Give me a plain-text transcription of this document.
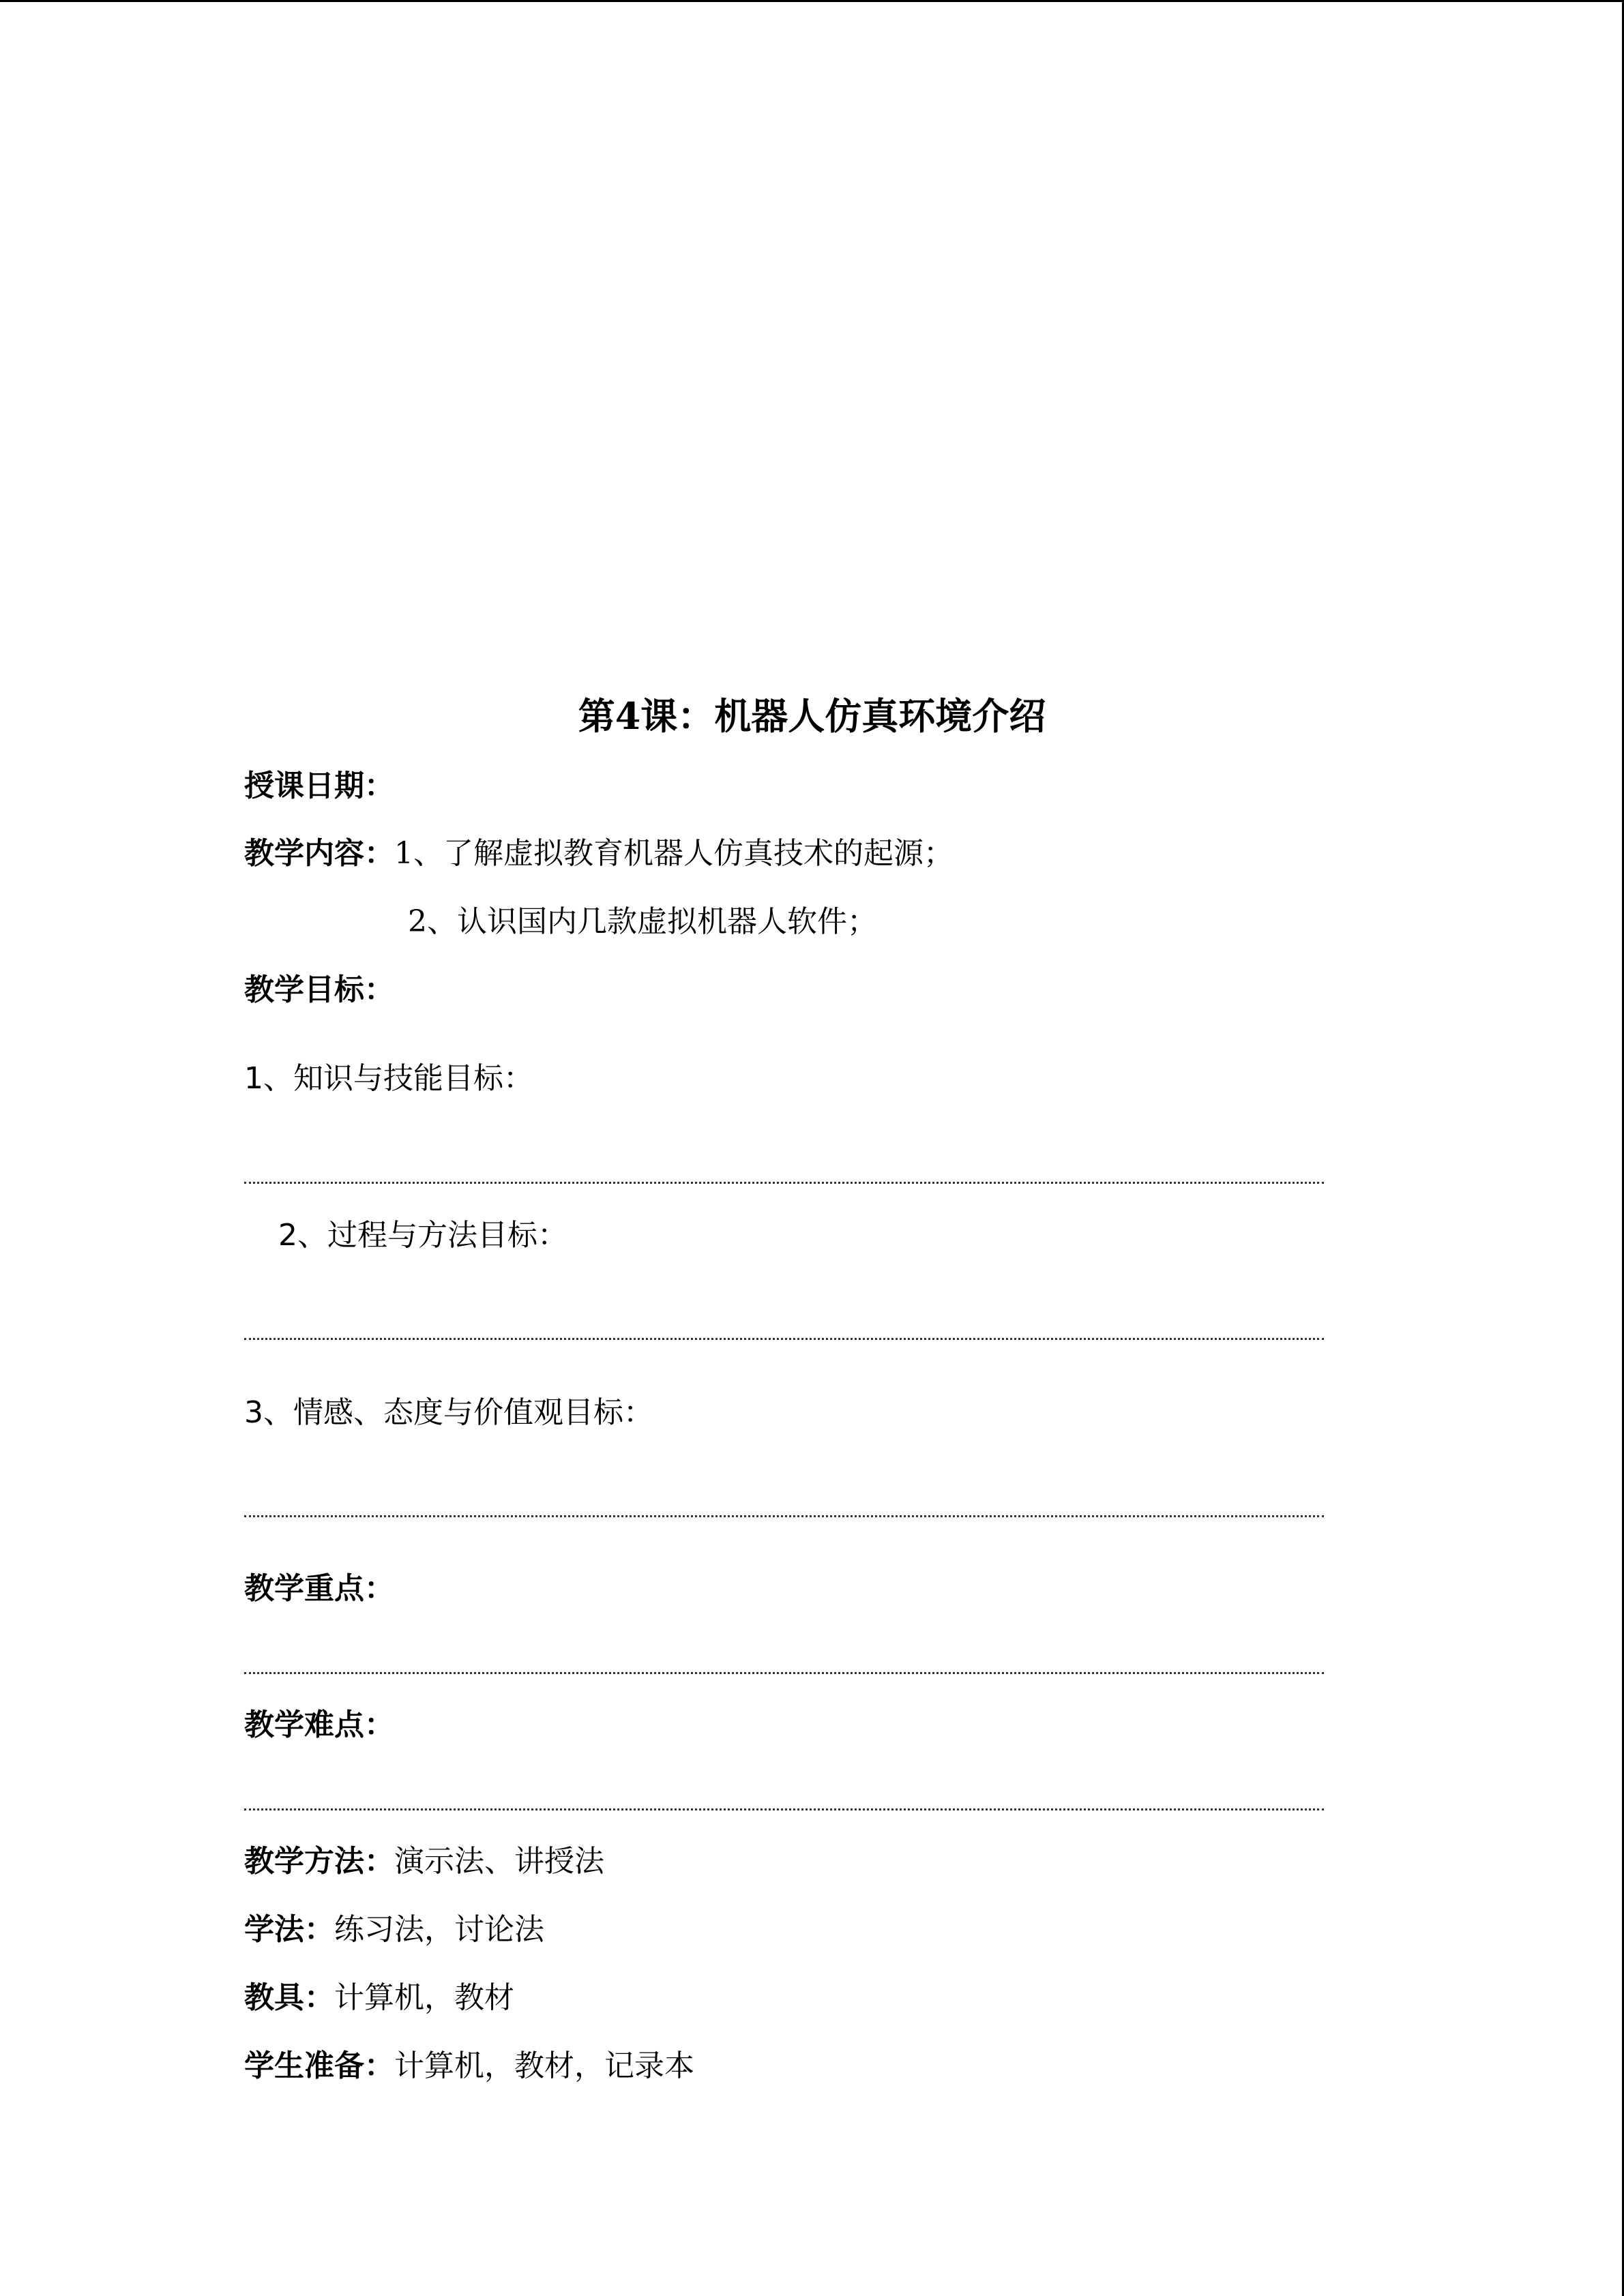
第4课：机器人仿真环境介绍
授课日期：
教学内容：1、了解虚拟教育机器人仿真技术的起源；
2、认识国内几款虚拟机器人软件；
教学目标：
1、知识与技能目标：
2、过程与方法目标：
3、情感、态度与价值观目标：
教学重点：
教学难点：
教学方法：演示法、讲授法
学法：练习法，讨论法
教具：计算机，教材
学生准备：计算机，教材，记录本
